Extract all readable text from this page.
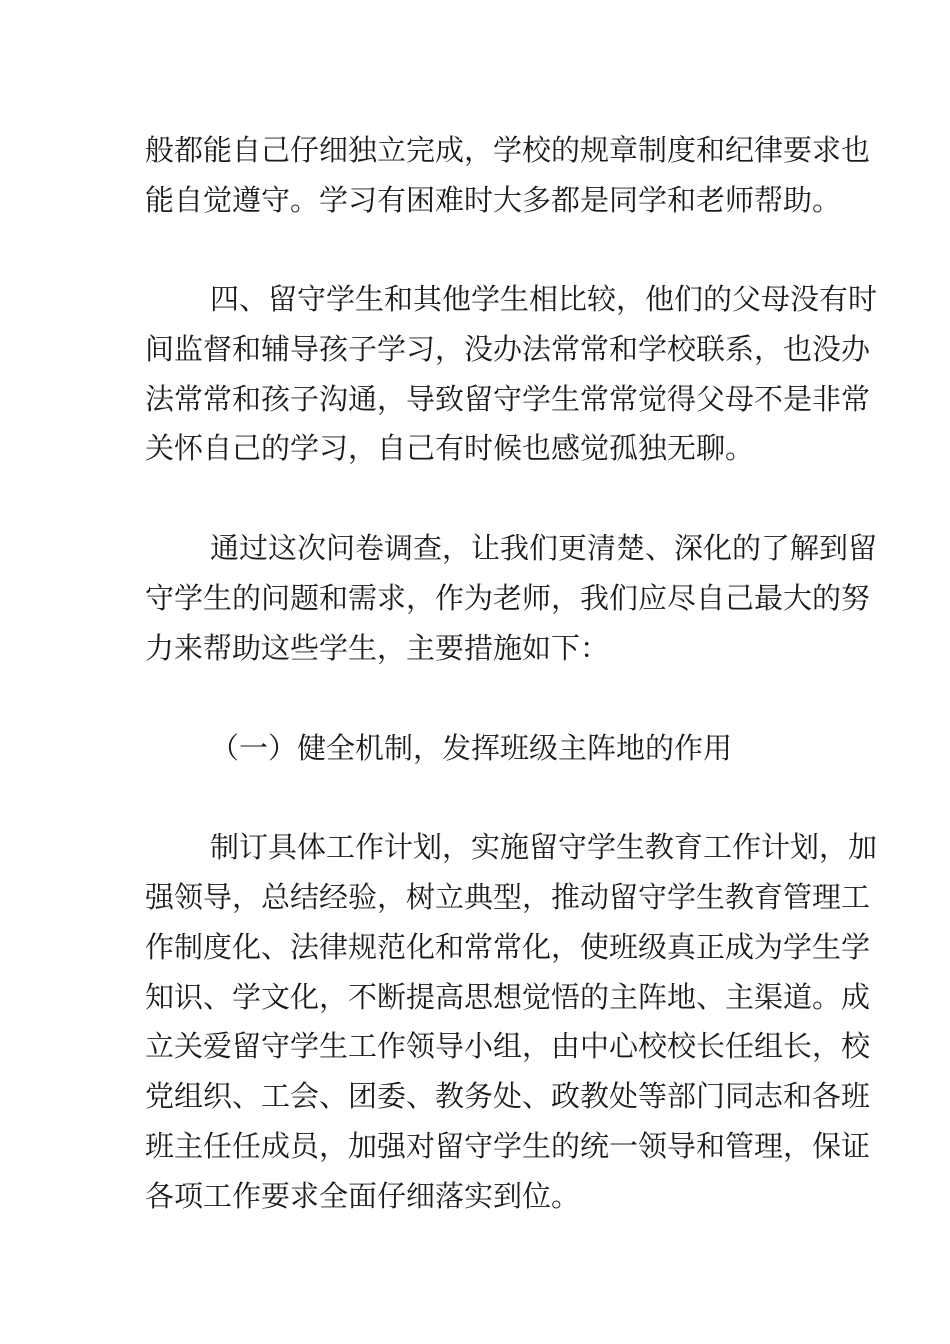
般都能自己仔细独立完成，学校的规章制度和纪律要求也
能自觉遵守。学习有困难时大多都是同学和老师帮助。
四、留守学生和其他学生相比较，他们的父母没有时
间监督和辅导孩子学习，没办法常常和学校联系，也没办
法常常和孩子沟通，导致留守学生常常觉得父母不是非常
关怀自己的学习，自己有时候也感觉孤独无聊。
通过这次问卷调查，让我们更清楚、深化的了解到留
守学生的问题和需求，作为老师，我们应尽自己最大的努
力来帮助这些学生，主要措施如下：
（一）健全机制，发挥班级主阵地的作用
制订具体工作计划，实施留守学生教育工作计划，加
强领导，总结经验，树立典型，推动留守学生教育管理工
作制度化、法律规范化和常常化，使班级真正成为学生学
知识、学文化，不断提高思想觉悟的主阵地、主渠道。成
立关爱留守学生工作领导小组，由中心校校长任组长，校
党组织、工会、团委、教务处、政教处等部门同志和各班
班主任任成员，加强对留守学生的统一领导和管理，保证
各项工作要求全面仔细落实到位。
